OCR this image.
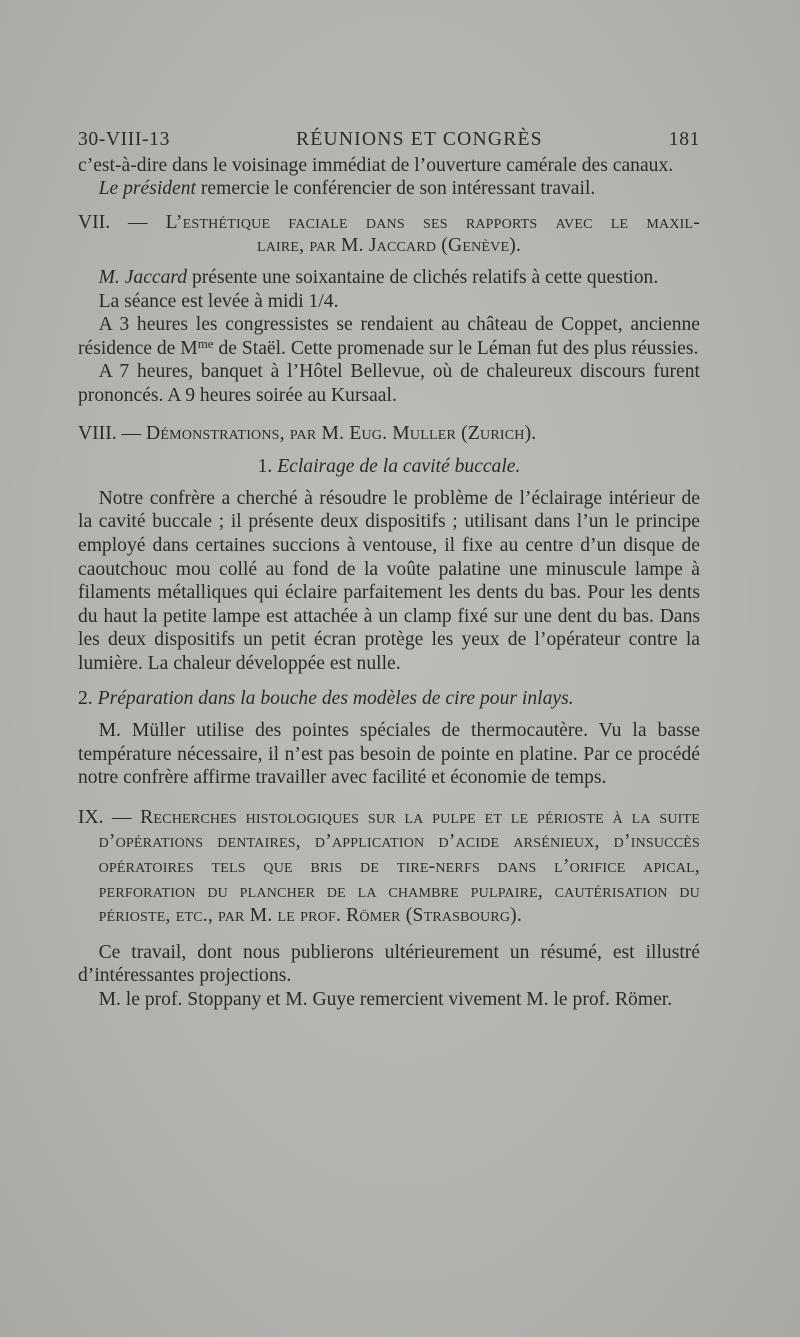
30-VIII-13	RÉUNIONS ET CONGRÈS	181

c’est-à-dire dans le voisinage immédiat de l’ouverture camérale des canaux.

Le président remercie le conférencier de son intéressant travail.

VII. — L’esthétique faciale dans ses rapports avec le maxil-
laire, par M. Jaccard (Genève).

M. Jaccard présente une soixantaine de clichés relatifs à cette question.

La séance est levée à midi 1/4.

A 3 heures les congressistes se rendaient au château de Coppet, ancienne résidence de $M^{me}$ de Staël. Cette promenade sur le Léman fut des plus réussies.

A 7 heures, banquet à l’Hôtel Bellevue, où de chaleureux discours furent prononcés. A 9 heures soirée au Kursaal.

VIII. — Démonstrations, par M. Eug. Muller (Zurich).

1. Eclairage de la cavité buccale.

Notre confrère a cherché à résoudre le problème de l’éclairage intérieur de la cavité buccale ; il présente deux dispositifs ; utilisant dans l’un le principe employé dans certaines succions à ventouse, il fixe au centre d’un disque de caoutchouc mou collé au fond de la voûte palatine une minuscule lampe à filaments métalliques qui éclaire parfaitement les dents du bas. Pour les dents du haut la petite lampe est attachée à un clamp fixé sur une dent du bas. Dans les deux dispositifs un petit écran protège les yeux de l’opérateur contre la lumière. La chaleur développée est nulle.

2. Préparation dans la bouche des modèles de cire pour inlays.

M. Müller utilise des pointes spéciales de thermocautère. Vu la basse température nécessaire, il n’est pas besoin de pointe en platine. Par ce procédé notre confrère affirme travailler avec facilité et économie de temps.

IX. — Recherches histologiques sur la pulpe et le périoste à la suite d’opérations dentaires, d’application d’acide arsénieux, d’insuccès opératoires tels que bris de tire-nerfs dans l’orifice apical, perforation du plancher de la chambre pulpaire, cautérisation du périoste, etc., par M. le prof. Römer (Strasbourg).

Ce travail, dont nous publierons ultérieurement un résumé, est illustré d’intéressantes projections.

M. le prof. Stoppany et M. Guye remercient vivement M. le prof. Römer.
